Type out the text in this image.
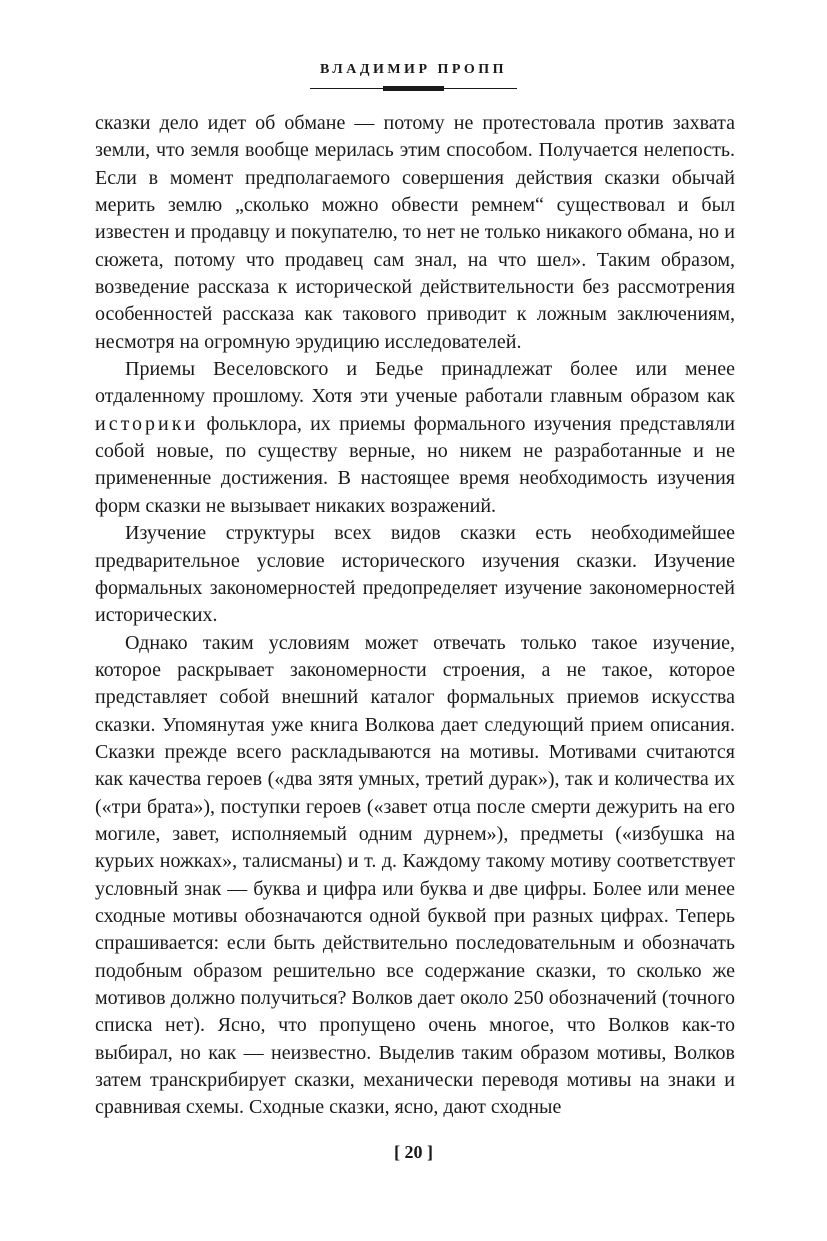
ВЛАДИМИР ПРОПП

сказки дело идет об обмане — потому не протестовала против захвата земли, что земля вообще мерилась этим способом. Получается нелепость. Если в момент предполагаемого совершения действия сказки обычай мерить землю „сколько можно обвести ремнем“ существовал и был известен и продавцу и покупателю, то нет не только никакого обмана, но и сюжета, потому что продавец сам знал, на что шел». Таким образом, возведение рассказа к исторической действительности без рассмотрения особенностей рассказа как такового приводит к ложным заключениям, несмотря на огромную эрудицию исследователей.

Приемы Веселовского и Бедье принадлежат более или менее отдаленному прошлому. Хотя эти ученые работали главным образом как историки фольклора, их приемы формального изучения представляли собой новые, по существу верные, но никем не разработанные и не примененные достижения. В настоящее время необходимость изучения форм сказки не вызывает никаких возражений.

Изучение структуры всех видов сказки есть необходимейшее предварительное условие исторического изучения сказки. Изучение формальных закономерностей предопределяет изучение закономерностей исторических.

Однако таким условиям может отвечать только такое изучение, которое раскрывает закономерности строения, а не такое, которое представляет собой внешний каталог формальных приемов искусства сказки. Упомянутая уже книга Волкова дает следующий прием описания. Сказки прежде всего раскладываются на мотивы. Мотивами считаются как качества героев («два зятя умных, третий дурак»), так и количества их («три брата»), поступки героев («завет отца после смерти дежурить на его могиле, завет, исполняемый одним дурнем»), предметы («избушка на курьих ножках», талисманы) и т. д. Каждому такому мотиву соответствует условный знак — буква и цифра или буква и две цифры. Более или менее сходные мотивы обозначаются одной буквой при разных цифрах. Теперь спрашивается: если быть действительно последовательным и обозначать подобным образом решительно все содержание сказки, то сколько же мотивов должно получиться? Волков дает около 250 обозначений (точного списка нет). Ясно, что пропущено очень многое, что Волков как-то выбирал, но как — неизвестно. Выделив таким образом мотивы, Волков затем транскрибирует сказки, механически переводя мотивы на знаки и сравнивая схемы. Сходные сказки, ясно, дают сходные

[ 20 ]
